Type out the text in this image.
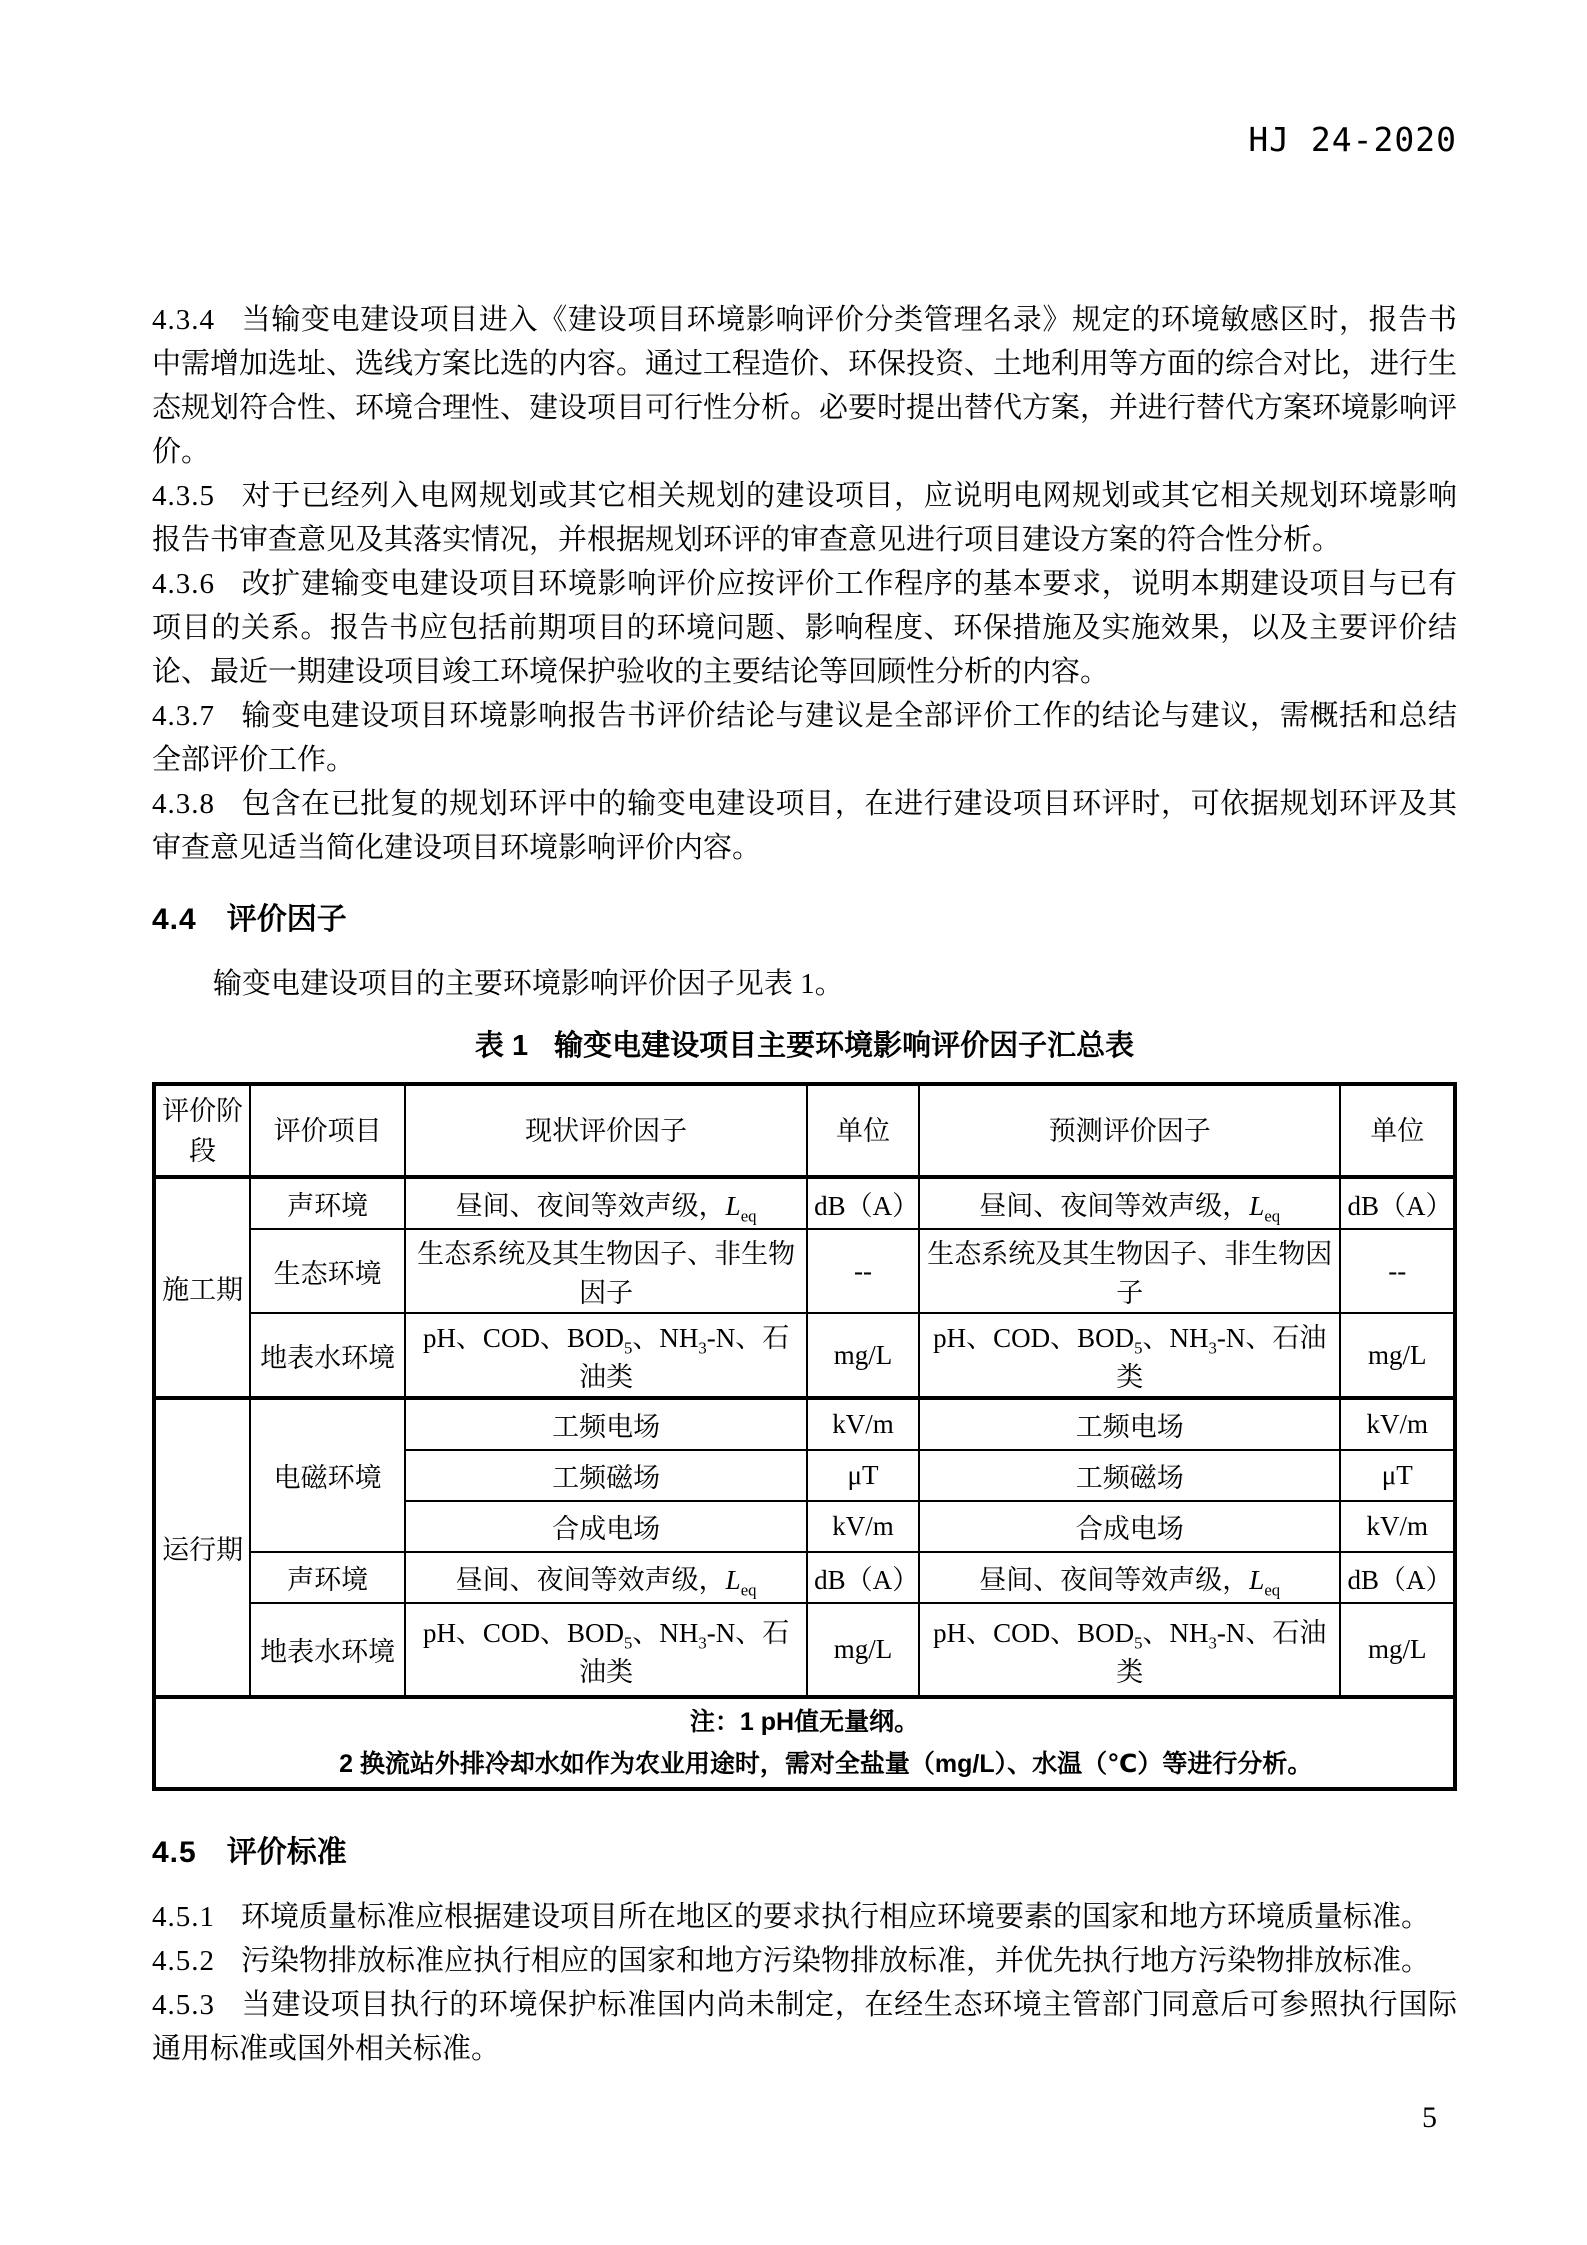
HJ 24-2020

4.3.4 当输变电建设项目进入《建设项目环境影响评价分类管理名录》规定的环境敏感区时，报告书中需增加选址、选线方案比选的内容。通过工程造价、环保投资、土地利用等方面的综合对比，进行生态规划符合性、环境合理性、建设项目可行性分析。必要时提出替代方案，并进行替代方案环境影响评价。

4.3.5 对于已经列入电网规划或其它相关规划的建设项目，应说明电网规划或其它相关规划环境影响报告书审查意见及其落实情况，并根据规划环评的审查意见进行项目建设方案的符合性分析。

4.3.6 改扩建输变电建设项目环境影响评价应按评价工作程序的基本要求，说明本期建设项目与已有项目的关系。报告书应包括前期项目的环境问题、影响程度、环保措施及实施效果，以及主要评价结论、最近一期建设项目竣工环境保护验收的主要结论等回顾性分析的内容。

4.3.7 输变电建设项目环境影响报告书评价结论与建议是全部评价工作的结论与建议，需概括和总结全部评价工作。

4.3.8 包含在已批复的规划环评中的输变电建设项目，在进行建设项目环评时，可依据规划环评及其审查意见适当简化建设项目环境影响评价内容。

4.4 评价因子

输变电建设项目的主要环境影响评价因子见表 1。

表 1 输变电建设项目主要环境影响评价因子汇总表
评价阶段	评价项目	现状评价因子	单位	预测评价因子	单位
施工期	声环境	昼间、夜间等效声级，$L_{eq}$	dB（A）	昼间、夜间等效声级，$L_{eq}$	dB（A）
	生态环境	生态系统及其生物因子、非生物因子	--	生态系统及其生物因子、非生物因子	--
	地表水环境	pH、COD、$BOD_5$、$NH_3-N$、石油类	mg/L	pH、COD、$BOD_5$、$NH_3-N$、石油类	mg/L
运行期	电磁环境	工频电场	kV/m	工频电场	kV/m
		工频磁场	μT	工频磁场	μT
		合成电场	kV/m	合成电场	kV/m
	声环境	昼间、夜间等效声级，$L_{eq}$	dB（A）	昼间、夜间等效声级，$L_{eq}$	dB（A）
	地表水环境	pH、COD、$BOD_5$、$NH_3-N$、石油类	mg/L	pH、COD、$BOD_5$、$NH_3-N$、石油类	mg/L

注：1 pH值无量纲。
2 换流站外排冷却水如作为农业用途时，需对全盐量（mg/L）、水温（℃）等进行分析。					
4.5 评价标准

4.5.1 环境质量标准应根据建设项目所在地区的要求执行相应环境要素的国家和地方环境质量标准。

4.5.2 污染物排放标准应执行相应的国家和地方污染物排放标准，并优先执行地方污染物排放标准。

4.5.3 当建设项目执行的环境保护标准国内尚未制定，在经生态环境主管部门同意后可参照执行国际通用标准或国外相关标准。

5
